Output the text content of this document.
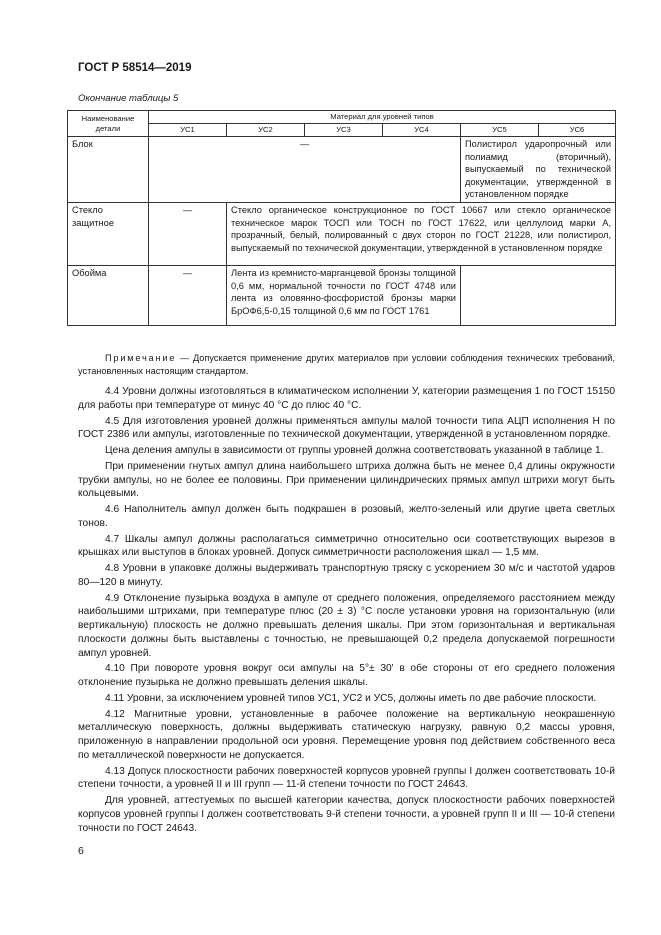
ГОСТ Р 58514—2019
Окончание таблицы 5
Наименование детали	Материал для уровней типов					
	УС1	УС2	УС3	УС4	УС5	УС6
Блок	—				Полистирол ударопрочный или полиамид (вторичный), выпускаемый по технической документации, утвержденной в установленном порядке	
Стекло защитное	—	Стекло органическое конструкционное по ГОСТ 10667 или стекло органическое техническое марок ТОСП или ТОСН по ГОСТ 17622, или целлулоид марки А, прозрачный, белый, полированный с двух сторон по ГОСТ 21228, или полистирол, выпускаемый по технической документации, утвержденной в установленном порядке				
Обойма	—	Лента из кремнисто-марганцевой бронзы толщиной 0,6 мм, нормальной точности по ГОСТ 4748 или лента из оловянно-фосфористой бронзы марки БрОФ6,5-0,15 толщиной 0,6 мм по ГОСТ 1761				
Примечание — Допускается применение других материалов при условии соблюдения технических требований, установленных настоящим стандартом.

4.4 Уровни должны изготовляться в климатическом исполнении У, категории размещения 1 по ГОСТ 15150 для работы при температуре от минус 40 °С до плюс 40 °С.

4.5 Для изготовления уровней должны применяться ампулы малой точности типа АЦП исполнения Н по ГОСТ 2386 или ампулы, изготовленные по технической документации, утвержденной в установленном порядке.

Цена деления ампулы в зависимости от группы уровней должна соответствовать указанной в таблице 1.

При применении гнутых ампул длина наибольшего штриха должна быть не менее 0,4 длины окружности трубки ампулы, но не более ее половины. При применении цилиндрических прямых ампул штрихи могут быть кольцевыми.

4.6 Наполнитель ампул должен быть подкрашен в розовый, желто-зеленый или другие цвета светлых тонов.

4.7 Шкалы ампул должны располагаться симметрично относительно оси соответствующих вырезов в крышках или выступов в блоках уровней. Допуск симметричности расположения шкал — 1,5 мм.

4.8 Уровни в упаковке должны выдерживать транспортную тряску с ускорением 30 м/с и частотой ударов 80—120 в минуту.

4.9 Отклонение пузырька воздуха в ампуле от среднего положения, определяемого расстоянием между наибольшими штрихами, при температуре плюс (20 ± 3) °С после установки уровня на горизонтальную (или вертикальную) плоскость не должно превышать деления шкалы. При этом горизонтальная и вертикальная плоскости должны быть выставлены с точностью, не превышающей 0,2 предела допускаемой погрешности ампул уровней.

4.10 При повороте уровня вокруг оси ампулы на 5°± 30' в обе стороны от его среднего положения отклонение пузырька не должно превышать деления шкалы.

4.11 Уровни, за исключением уровней типов УС1, УС2 и УС5, должны иметь по две рабочие плоскости.

4.12 Магнитные уровни, установленные в рабочее положение на вертикальную неокрашенную металлическую поверхность, должны выдерживать статическую нагрузку, равную 0,2 массы уровня, приложенную в направлении продольной оси уровня. Перемещение уровня под действием собственного веса по металлической поверхности не допускается.

4.13 Допуск плоскостности рабочих поверхностей корпусов уровней группы I должен соответствовать 10-й степени точности, а уровней II и III групп — 11-й степени точности по ГОСТ 24643.

Для уровней, аттестуемых по высшей категории качества, допуск плоскостности рабочих поверхностей корпусов уровней группы I должен соответствовать 9-й степени точности, а уровней групп II и III — 10-й степени точности по ГОСТ 24643.

6
